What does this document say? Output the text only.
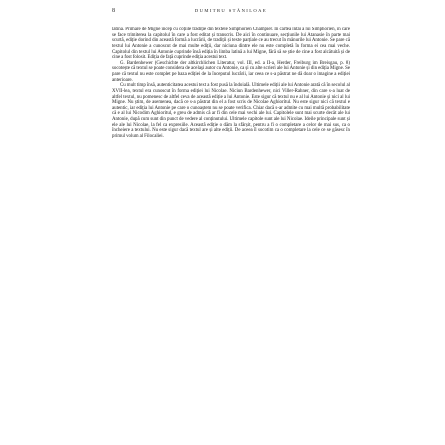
8	DUMITRU STĂNILOAE

latină. Primare de Migne încep cu coțiile tradiție din textele Simphorien Champier. În cartea întâi a lui Simphorien, în care se face trimiterea la capitolul în care a fost editat și transcris. De aici în continuare, secțiunile lui Atanasie în parte mai scurtă, ediție dorind din această formă a lucrării, de tradiții și texte parțiale ce au trecut în mânurile lui Antonie. Se pare că textul lui Antonie a cunoscut de mai multe ediții, dar niciuna dintre ele nu este completă în forma ei cea mai veche. Capitolul din textul lui Antonie cuprinde însă ediția în limba latină a lui Migne, fără să se știe de cine a fost alcătuită și de cine a fost folosit. Ediția de față cuprinde ediția acestui text.

G. Bardenhewer (Geschichte der altkirchlichen Literatur, vol. III, ed. a II-a, Herder, Freiburg im Breisgau, p. 8) socotește că textul se poate considera de acelaşi autor cu Antonie, ca și cu alte scrieri ale lui Antonie și din ediția Migne. Se pare că textul nu este complet pe baza ediției de la începutul lucrării, iar ceea ce s-a păstrat ne dă doar o imagine a ediției anterioare.

Cu mult timp însă, autenticitatea acestui text a fost pusă la îndoială. Ultimele ediții ale lui Antonie arată că în secolul al XVII-lea, textul era cunoscut în forma ediției lui Nicolae. Niciun Bardenhewer, nici Viller-Rahner, din care s-a luat de altfel textul, nu pomenesc de altfel ceva de această ediție a lui Antonie. Este sigur că textul nu e al lui Antonie și nici al lui Migne. Nu știm, de asemenea, dacă ce s-a păstrat din el a fost scris de Nicolae Aghiorítul. Nu este sigur nici că textul e autentic, iar ediția lui Antonie pe care o cunoaștem nu se poate verifica. Chiar dacă s-ar admite cu mai multă probabilitate că e al lui Nicodim Aghioritul, e greu de admis că ar fi din cele mai vechi ale lui. Capitolele sunt mai scurte decât ale lui Antonie, după cum sunt din punct de vedere al conținutului. Ultimele capitole sunt ale lui Nicolae. Ideile principale sunt și ele ale lui Nicolae, la fel ca expresiile. Această ediție o dăm la sfârșit, pentru a fi o completare a celor de mai sus, ca o încheiere a textului. Nu este sigur dacă textul are și alte ediții. De aceea îl socotim ca o completare la cele ce se găsesc în primul volum al Filocaliei.
